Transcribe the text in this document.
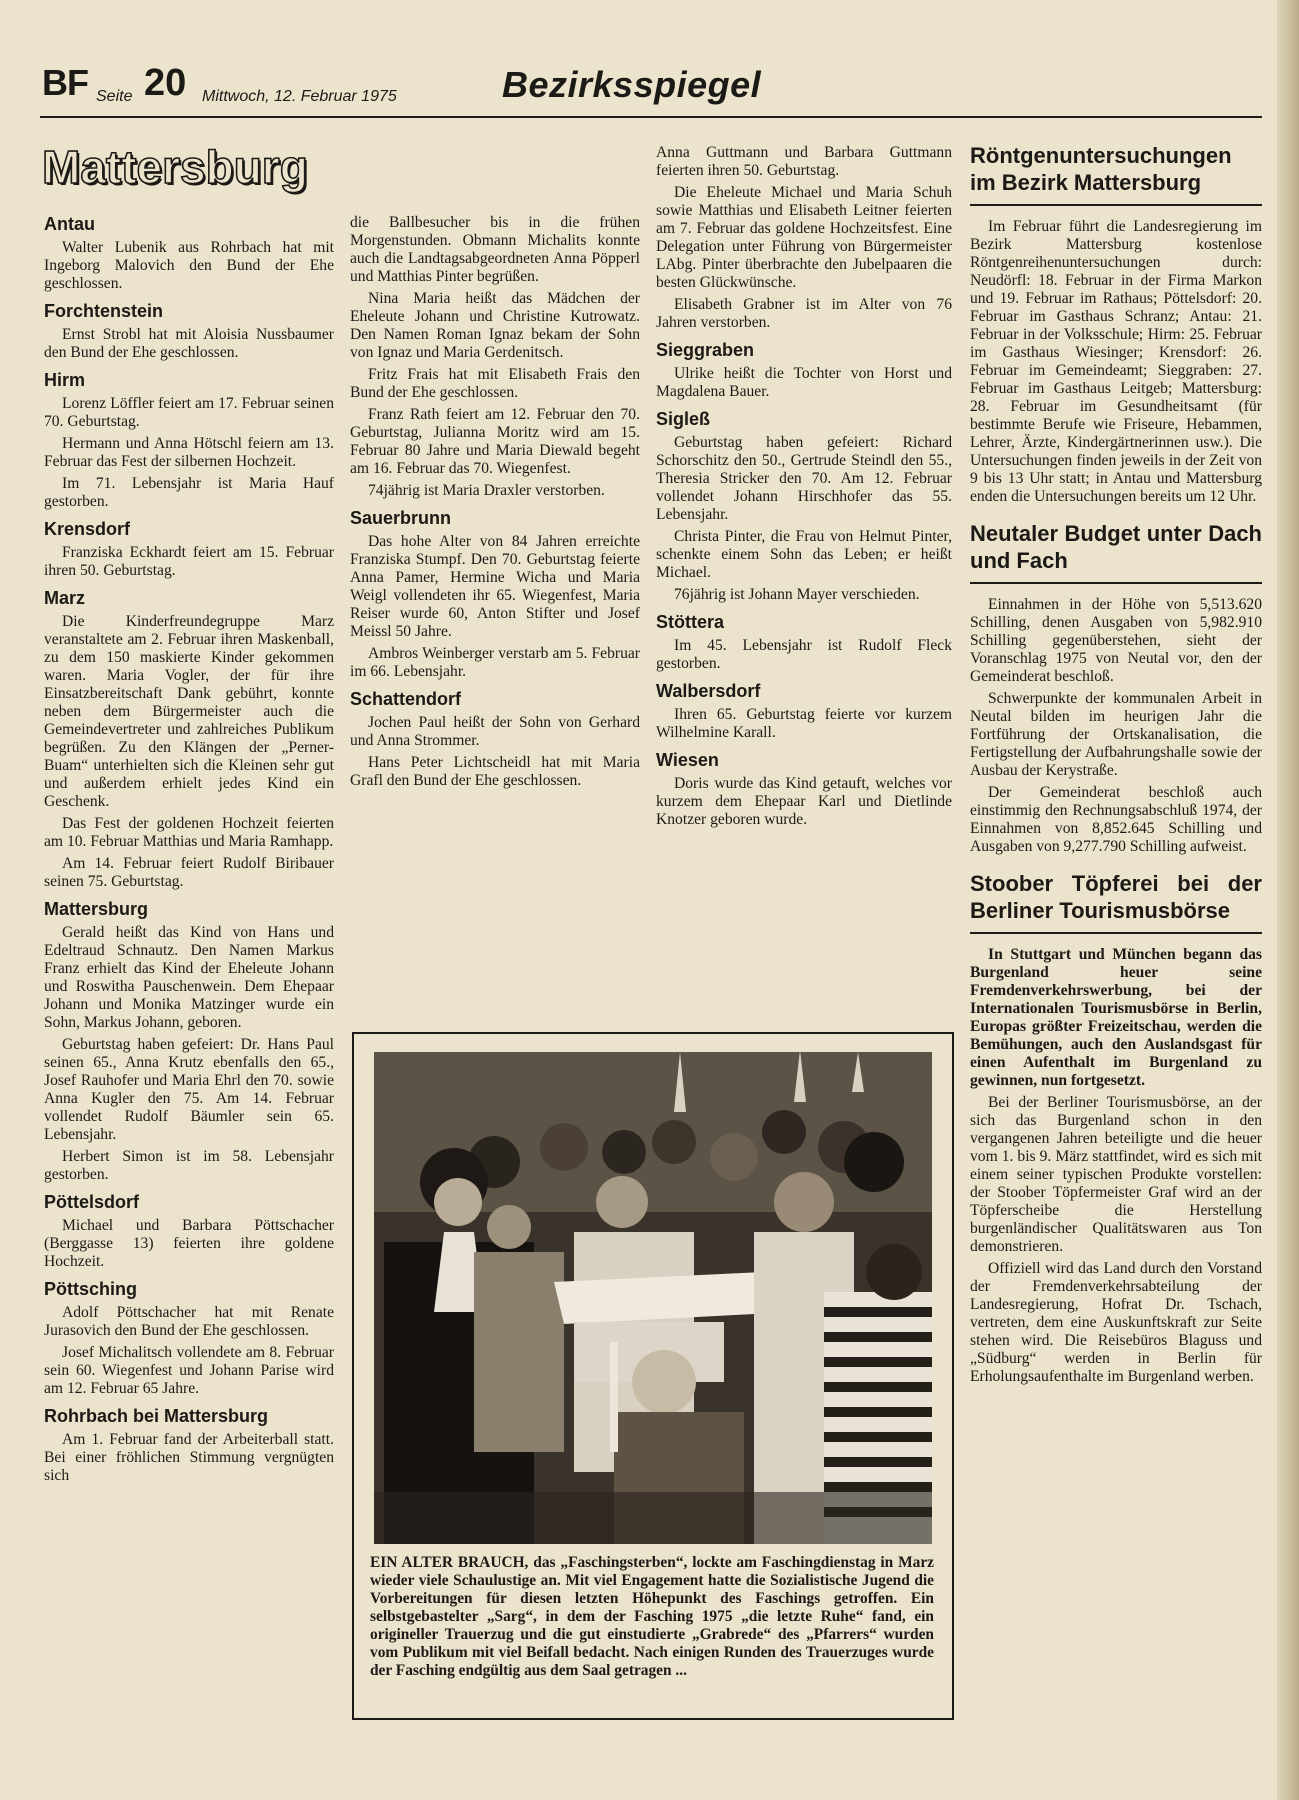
BF Seite 20 Mittwoch, 12. Februar 1975	Bezirksspiegel
Mattersburg
Antau

Walter Lubenik aus Rohrbach hat mit Ingeborg Malovich den Bund der Ehe geschlossen.

Forchtenstein

Ernst Strobl hat mit Aloisia Nussbaumer den Bund der Ehe geschlossen.

Hirm

Lorenz Löffler feiert am 17. Februar seinen 70. Geburtstag.

Hermann und Anna Hötschl feiern am 13. Februar das Fest der silbernen Hochzeit.

Im 71. Lebensjahr ist Maria Hauf gestorben.

Krensdorf

Franziska Eckhardt feiert am 15. Februar ihren 50. Geburtstag.

Marz

Die Kinderfreundegruppe Marz veranstaltete am 2. Februar ihren Maskenball, zu dem 150 maskierte Kinder gekommen waren. Maria Vogler, der für ihre Einsatzbereitschaft Dank gebührt, konnte neben dem Bürgermeister auch die Gemeindevertreter und zahlreiches Publikum begrüßen. Zu den Klängen der „Perner-Buam“ unterhielten sich die Kleinen sehr gut und außerdem erhielt jedes Kind ein Geschenk.

Das Fest der goldenen Hochzeit feierten am 10. Februar Matthias und Maria Ramhapp.

Am 14. Februar feiert Rudolf Biribauer seinen 75. Geburtstag.

Mattersburg

Gerald heißt das Kind von Hans und Edeltraud Schnautz. Den Namen Markus Franz erhielt das Kind der Eheleute Johann und Roswitha Pauschenwein. Dem Ehepaar Johann und Monika Matzinger wurde ein Sohn, Markus Johann, geboren.

Geburtstag haben gefeiert: Dr. Hans Paul seinen 65., Anna Krutz ebenfalls den 65., Josef Rauhofer und Maria Ehrl den 70. sowie Anna Kugler den 75. Am 14. Februar vollendet Rudolf Bäumler sein 65. Lebensjahr.

Herbert Simon ist im 58. Lebensjahr gestorben.

Pöttelsdorf

Michael und Barbara Pöttschacher (Berggasse 13) feierten ihre goldene Hochzeit.

Pöttsching

Adolf Pöttschacher hat mit Renate Jurasovich den Bund der Ehe geschlossen.

Josef Michalitsch vollendete am 8. Februar sein 60. Wiegenfest und Johann Parise wird am 12. Februar 65 Jahre.

Rohrbach bei Mattersburg

Am 1. Februar fand der Arbeiterball statt. Bei einer fröhlichen Stimmung vergnügten sich

die Ballbesucher bis in die frühen Morgenstunden. Obmann Michalits konnte auch die Landtagsabgeordneten Anna Pöpperl und Matthias Pinter begrüßen.

Nina Maria heißt das Mädchen der Eheleute Johann und Christine Kutrowatz. Den Namen Roman Ignaz bekam der Sohn von Ignaz und Maria Gerdenitsch.

Fritz Frais hat mit Elisabeth Frais den Bund der Ehe geschlossen.

Franz Rath feiert am 12. Februar den 70. Geburtstag, Julianna Moritz wird am 15. Februar 80 Jahre und Maria Diewald begeht am 16. Februar das 70. Wiegenfest.

74jährig ist Maria Draxler verstorben.

Sauerbrunn

Das hohe Alter von 84 Jahren erreichte Franziska Stumpf. Den 70. Geburtstag feierte Anna Pamer, Hermine Wicha und Maria Weigl vollendeten ihr 65. Wiegenfest, Maria Reiser wurde 60, Anton Stifter und Josef Meissl 50 Jahre.

Ambros Weinberger verstarb am 5. Februar im 66. Lebensjahr.

Schattendorf

Jochen Paul heißt der Sohn von Gerhard und Anna Strommer.

Hans Peter Lichtscheidl hat mit Maria Grafl den Bund der Ehe geschlossen.

Anna Guttmann und Barbara Guttmann feierten ihren 50. Geburtstag.

Die Eheleute Michael und Maria Schuh sowie Matthias und Elisabeth Leitner feierten am 7. Februar das goldene Hochzeitsfest. Eine Delegation unter Führung von Bürgermeister LAbg. Pinter überbrachte den Jubelpaaren die besten Glückwünsche.

Elisabeth Grabner ist im Alter von 76 Jahren verstorben.

Sieggraben

Ulrike heißt die Tochter von Horst und Magdalena Bauer.

Sigleß

Geburtstag haben gefeiert: Richard Schorschitz den 50., Gertrude Steindl den 55., Theresia Stricker den 70. Am 12. Februar vollendet Johann Hirschhofer das 55. Lebensjahr.

Christa Pinter, die Frau von Helmut Pinter, schenkte einem Sohn das Leben; er heißt Michael.

76jährig ist Johann Mayer verschieden.

Stöttera

Im 45. Lebensjahr ist Rudolf Fleck gestorben.

Walbersdorf

Ihren 65. Geburtstag feierte vor kurzem Wilhelmine Karall.

Wiesen

Doris wurde das Kind getauft, welches vor kurzem dem Ehepaar Karl und Dietlinde Knotzer geboren wurde.

Röntgenuntersuchungen im Bezirk Mattersburg

Im Februar führt die Landesregierung im Bezirk Mattersburg kostenlose Röntgenreihenuntersuchungen durch: Neudörfl: 18. Februar in der Firma Markon und 19. Februar im Rathaus; Pöttelsdorf: 20. Februar im Gasthaus Schranz; Antau: 21. Februar in der Volksschule; Hirm: 25. Februar im Gasthaus Wiesinger; Krensdorf: 26. Februar im Gemeindeamt; Sieggraben: 27. Februar im Gasthaus Leitgeb; Mattersburg: 28. Februar im Gesundheitsamt (für bestimmte Berufe wie Friseure, Hebammen, Lehrer, Ärzte, Kindergärtnerinnen usw.). Die Untersuchungen finden jeweils in der Zeit von 9 bis 13 Uhr statt; in Antau und Mattersburg enden die Untersuchungen bereits um 12 Uhr.

Neutaler Budget unter Dach und Fach

Einnahmen in der Höhe von 5,513.620 Schilling, denen Ausgaben von 5,982.910 Schilling gegenüberstehen, sieht der Voranschlag 1975 von Neutal vor, den der Gemeinderat beschloß.

Schwerpunkte der kommunalen Arbeit in Neutal bilden im heurigen Jahr die Fortführung der Ortskanalisation, die Fertigstellung der Aufbahrungshalle sowie der Ausbau der Kerystraße.

Der Gemeinderat beschloß auch einstimmig den Rechnungsabschluß 1974, der Einnahmen von 8,852.645 Schilling und Ausgaben von 9,277.790 Schilling aufweist.

Stoober Töpferei bei der Berliner Tourismusbörse

In Stuttgart und München begann das Burgenland heuer seine Fremdenverkehrswerbung, bei der Internationalen Tourismusbörse in Berlin, Europas größter Freizeitschau, werden die Bemühungen, auch den Auslandsgast für einen Aufenthalt im Burgenland zu gewinnen, nun fortgesetzt.

Bei der Berliner Tourismusbörse, an der sich das Burgenland schon in den vergangenen Jahren beteiligte und die heuer vom 1. bis 9. März stattfindet, wird es sich mit einem seiner typischen Produkte vorstellen: der Stoober Töpfermeister Graf wird an der Töpferscheibe die Herstellung burgenländischer Qualitätswaren aus Ton demonstrieren.

Offiziell wird das Land durch den Vorstand der Fremdenverkehrsabteilung der Landesregierung, Hofrat Dr. Tschach, vertreten, dem eine Auskunftskraft zur Seite stehen wird. Die Reisebüros Blaguss und „Südburg“ werden in Berlin für Erholungsaufenthalte im Burgenland werben.

EIN ALTER BRAUCH, das „Faschingsterben“, lockte am Faschingdienstag in Marz wieder viele Schaulustige an. Mit viel Engagement hatte die Sozialistische Jugend die Vorbereitungen für diesen letzten Höhepunkt des Faschings getroffen. Ein selbstgebastelter „Sarg“, in dem der Fasching 1975 „die letzte Ruhe“ fand, ein origineller Trauerzug und die gut einstudierte „Grabrede“ des „Pfarrers“ wurden vom Publikum mit viel Beifall bedacht. Nach einigen Runden des Trauerzuges wurde der Fasching endgültig aus dem Saal getragen ...
